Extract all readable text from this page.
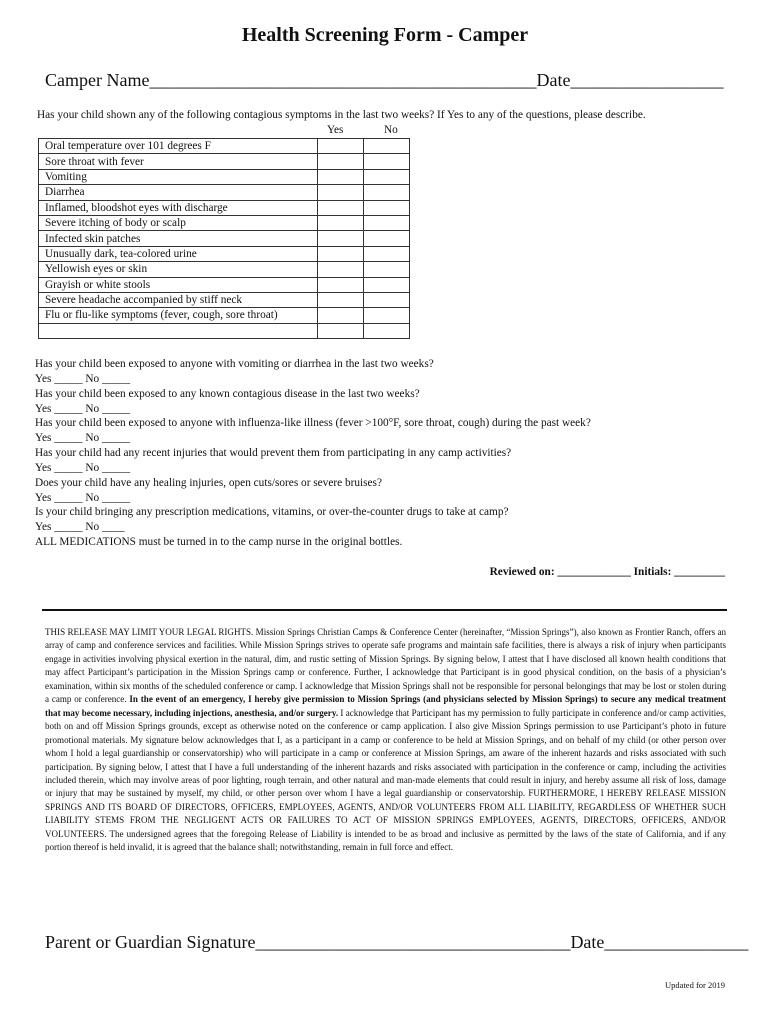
Health Screening Form - Camper
Camper Name___________________________________________Date_________________
Has your child shown any of the following contagious symptoms in the last two weeks? If Yes to any of the questions, please describe.
Yes	No
Oral temperature over 101 degrees F		
Sore throat with fever		
Vomiting		
Diarrhea		
Inflamed, bloodshot eyes with discharge		
Severe itching of body or scalp		
Infected skin patches		
Unusually dark, tea-colored urine		
Yellowish eyes or skin		
Grayish or white stools		
Severe headache accompanied by stiff neck		
Flu or flu-like symptoms (fever, cough, sore throat)		

Has your child been exposed to anyone with vomiting or diarrhea in the last two weeks?
Yes _____ No _____
Has your child been exposed to any known contagious disease in the last two weeks?
Yes _____ No _____
Has your child been exposed to anyone with influenza-like illness (fever >100°F, sore throat, cough) during the past week?
Yes _____ No _____
Has your child had any recent injuries that would prevent them from participating in any camp activities?
Yes _____ No _____
Does your child have any healing injuries, open cuts/sores or severe bruises?
Yes _____ No _____
Is your child bringing any prescription medications, vitamins, or over-the-counter drugs to take at camp?
Yes _____ No ____
ALL MEDICATIONS must be turned in to the camp nurse in the original bottles.
Reviewed on: _____________ Initials: _________
THIS RELEASE MAY LIMIT YOUR LEGAL RIGHTS. Mission Springs Christian Camps & Conference Center (hereinafter, “Mission Springs”), also known as Frontier Ranch, offers an array of camp and conference services and facilities. While Mission Springs strives to operate safe programs and maintain safe facilities, there is always a risk of injury when participants engage in activities involving physical exertion in the natural, dim, and rustic setting of Mission Springs. By signing below, I attest that I have disclosed all known health conditions that may affect Participant’s participation in the Mission Springs camp or conference. Further, I acknowledge that Participant is in good physical condition, on the basis of a physician’s examination, within six months of the scheduled conference or camp. I acknowledge that Mission Springs shall not be responsible for personal belongings that may be lost or stolen during a camp or conference. In the event of an emergency, I hereby give permission to Mission Springs (and physicians selected by Mission Springs) to secure any medical treatment that may become necessary, including injections, anesthesia, and/or surgery. I acknowledge that Participant has my permission to fully participate in conference and/or camp activities, both on and off Mission Springs grounds, except as otherwise noted on the conference or camp application. I also give Mission Springs permission to use Participant’s photo in future promotional materials. My signature below acknowledges that I, as a participant in a camp or conference to be held at Mission Springs, and on behalf of my child (or other person over whom I hold a legal guardianship or conservatorship) who will participate in a camp or conference at Mission Springs, am aware of the inherent hazards and risks associated with such participation. By signing below, I attest that I have a full understanding of the inherent hazards and risks associated with participation in the conference or camp, including the activities included therein, which may involve areas of poor lighting, rough terrain, and other natural and man-made elements that could result in injury, and hereby assume all risk of loss, damage or injury that may be sustained by myself, my child, or other person over whom I have a legal guardianship or conservatorship. FURTHERMORE, I HEREBY RELEASE MISSION SPRINGS AND ITS BOARD OF DIRECTORS, OFFICERS, EMPLOYEES, AGENTS, AND/OR VOLUNTEERS FROM ALL LIABILITY, REGARDLESS OF WHETHER SUCH LIABILITY STEMS FROM THE NEGLIGENT ACTS OR FAILURES TO ACT OF MISSION SPRINGS EMPLOYEES, AGENTS, DIRECTORS, OFFICERS, AND/OR VOLUNTEERS. The undersigned agrees that the foregoing Release of Liability is intended to be as broad and inclusive as permitted by the laws of the state of California, and if any portion thereof is held invalid, it is agreed that the balance shall; notwithstanding, remain in full force and effect.
Parent or Guardian Signature___________________________________Date________________
Updated for 2019
